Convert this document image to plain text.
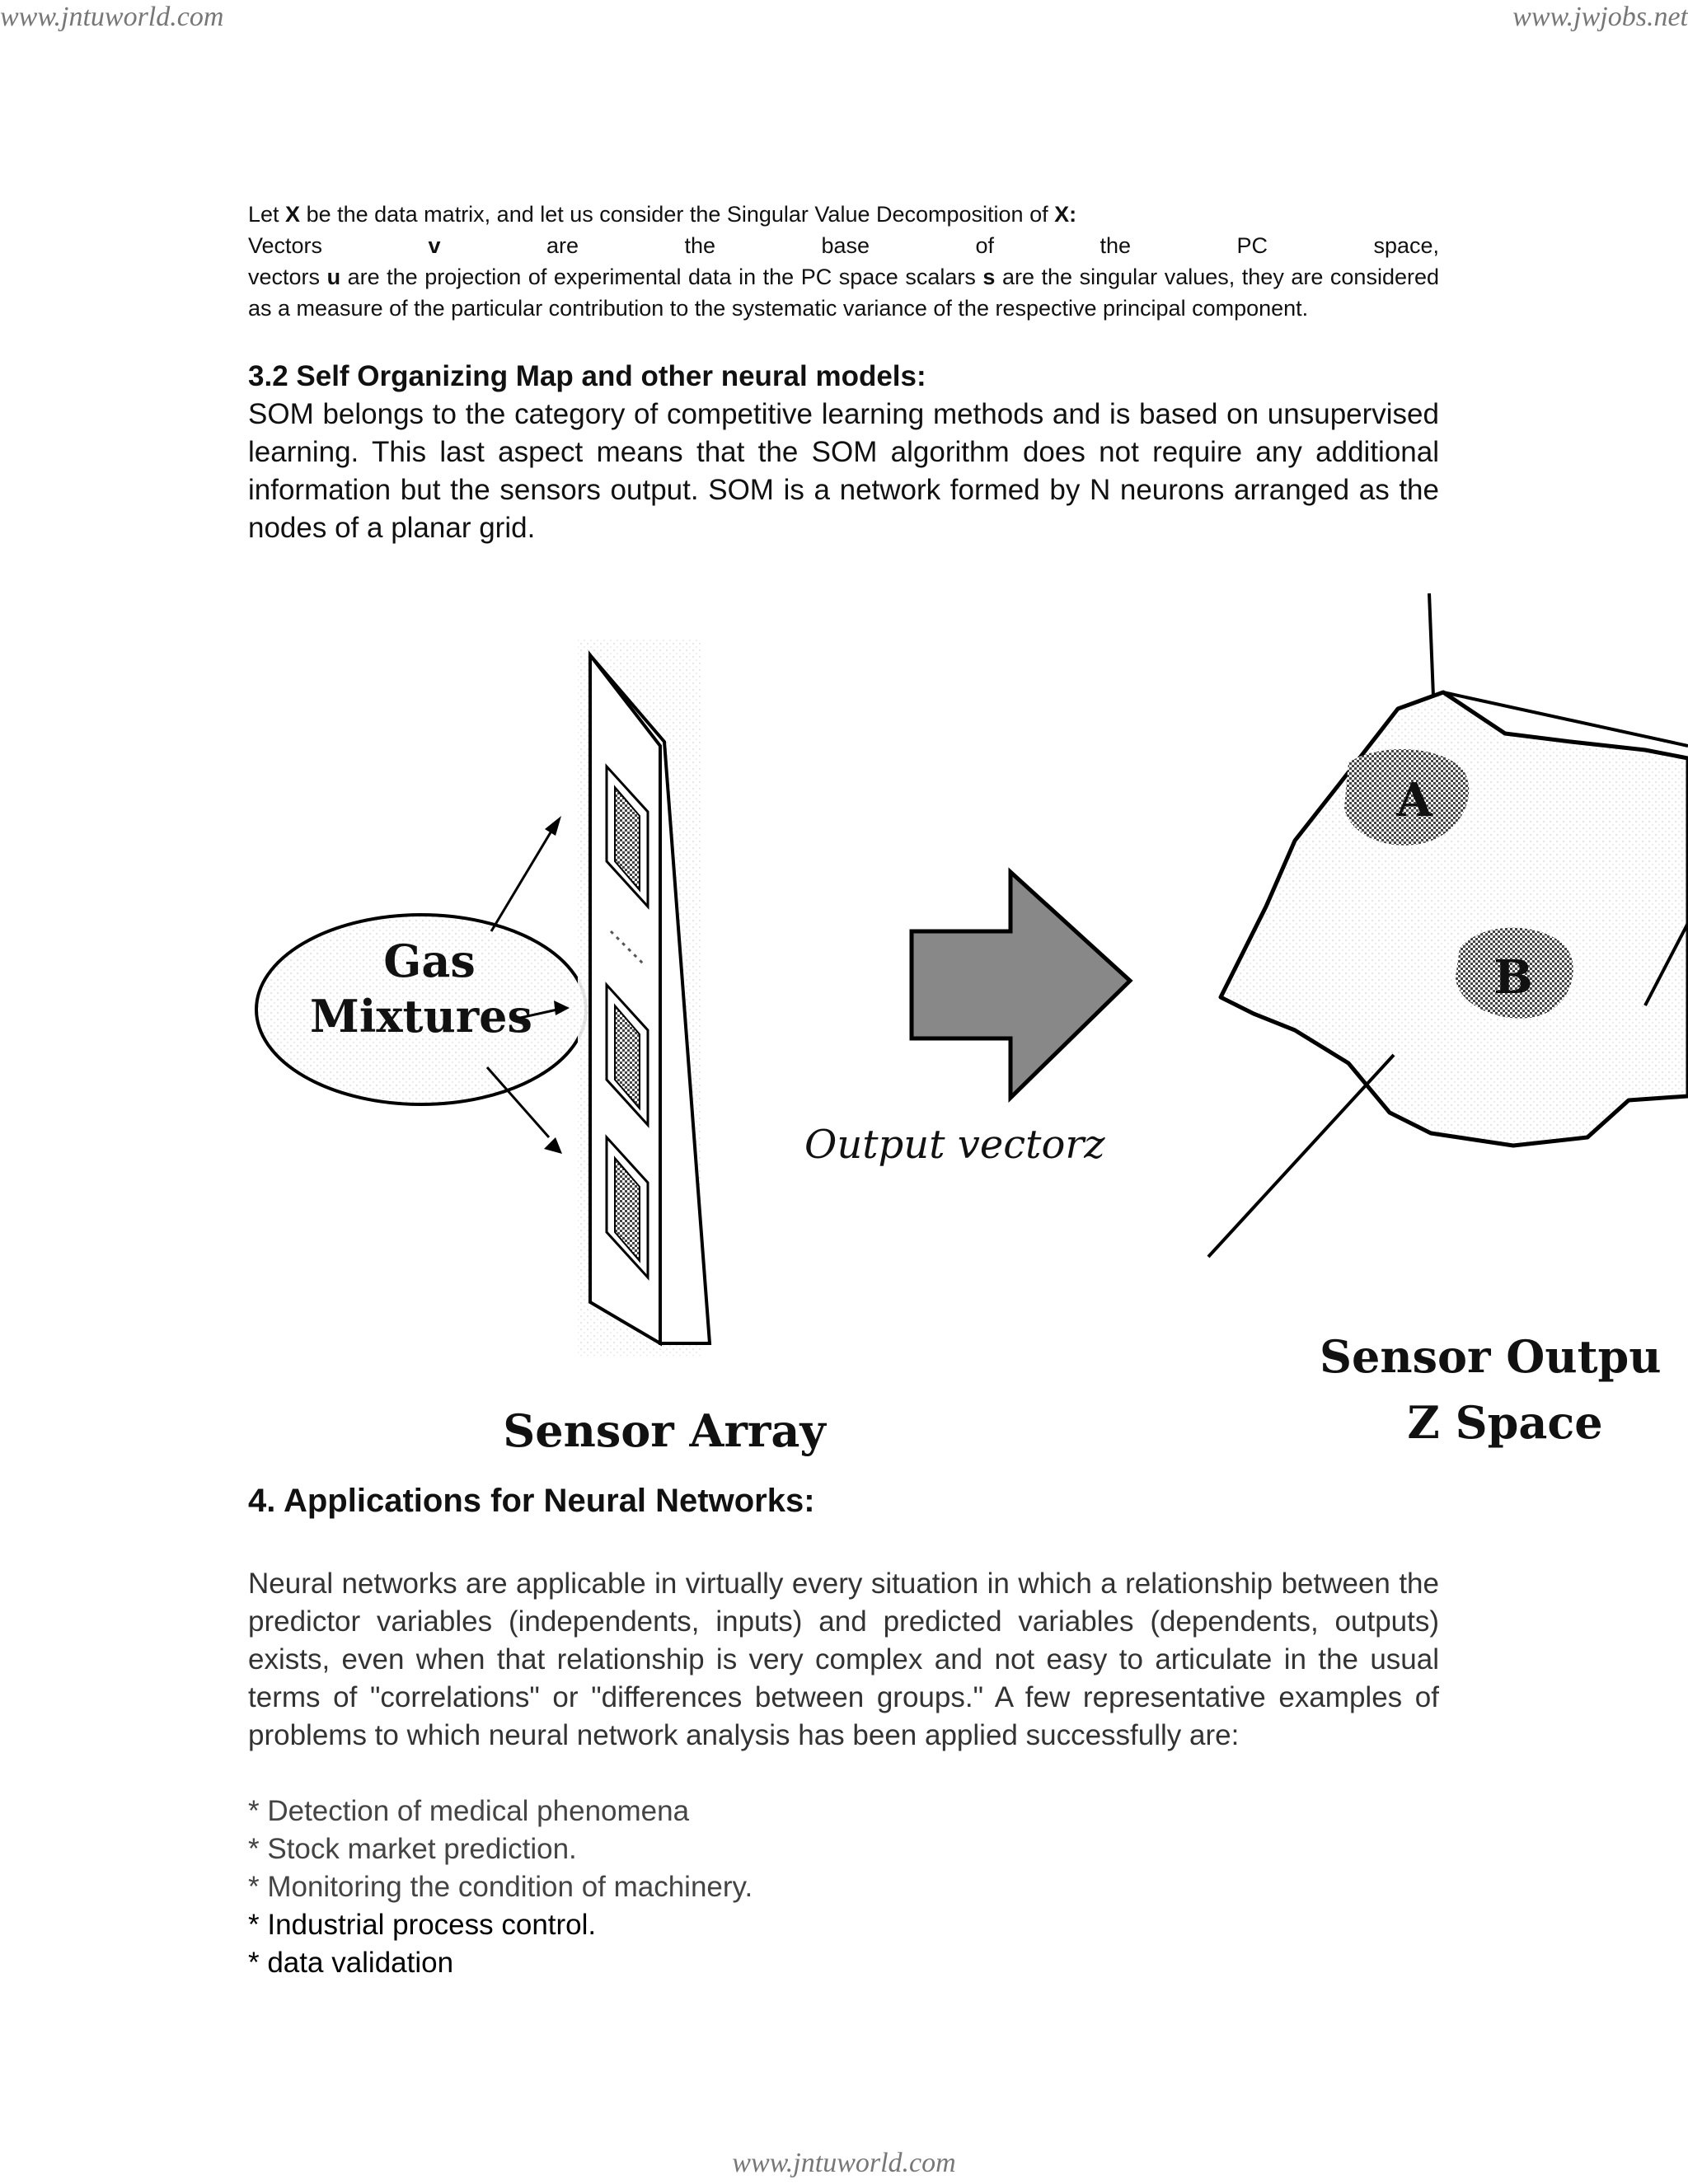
www.jntuworld.com	www.jwjobs.net

Let X be the data matrix, and let us consider the Singular Value Decomposition of X:

Vectors	v	are	the	base	of	the	PC	space,

vectors u are the projection of experimental data in the PC space scalars s are the singular values, they are considered as a measure of the particular contribution to the systematic variance of the respective principal component.

3.2 Self Organizing Map and other neural models:

SOM belongs to the category of competitive learning methods and is based on unsupervised learning. This last aspect means that the SOM algorithm does not require any additional information but the sensors output. SOM is a network formed by N neurons arranged as the nodes of a planar grid.

Gas
Mixtures
Output vectorz
A
B
Sensor Array
Sensor Outpu
Z Space
4. Applications for Neural Networks:

Neural networks are applicable in virtually every situation in which a relationship between the predictor variables (independents, inputs) and predicted variables (dependents, outputs) exists, even when that relationship is very complex and not easy to articulate in the usual terms of "correlations" or "differences between groups." A few representative examples of problems to which neural network analysis has been applied successfully are:

* Detection of medical phenomena
* Stock market prediction.
* Monitoring the condition of machinery.
* Industrial process control.
* data validation
www.jntuworld.com
